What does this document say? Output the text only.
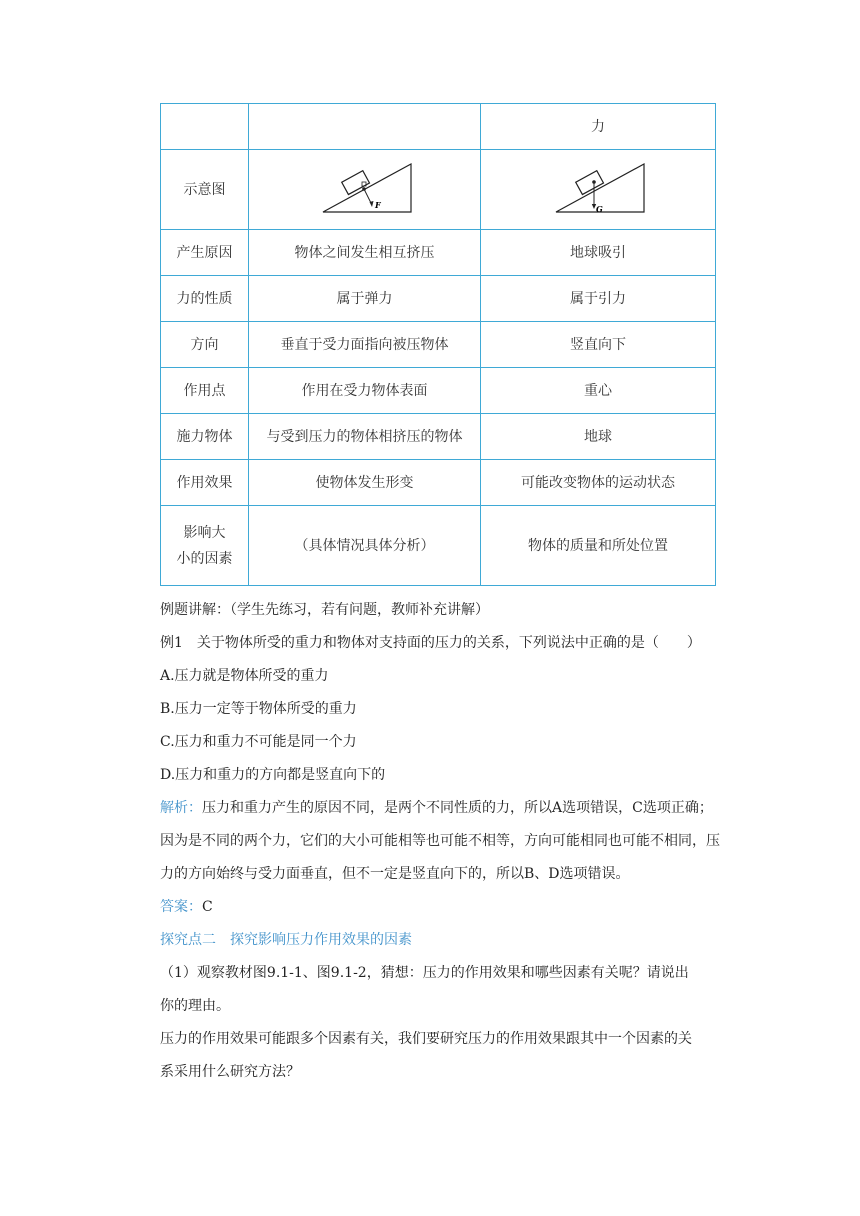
		力
示意图	F	G

产生原因	物体之间发生相互挤压	地球吸引
力的性质	属于弹力	属于引力
方向	垂直于受力面指向被压物体	竖直向下
作用点	作用在受力物体表面	重心
施力物体	与受到压力的物体相挤压的物体	地球
作用效果	使物体发生形变	可能改变物体的运动状态
影响大
小的因素	（具体情况具体分析）	物体的质量和所处位置

例题讲解：（学生先练习，若有问题，教师补充讲解）

例1　关于物体所受的重力和物体对支持面的压力的关系，下列说法中正确的是（　　）

A.压力就是物体所受的重力

B.压力一定等于物体所受的重力

C.压力和重力不可能是同一个力

D.压力和重力的方向都是竖直向下的

解析：压力和重力产生的原因不同，是两个不同性质的力，所以A选项错误，C选项正确；

因为是不同的两个力，它们的大小可能相等也可能不相等，方向可能相同也可能不相同，压

力的方向始终与受力面垂直，但不一定是竖直向下的，所以B、D选项错误。

答案：C

探究点二　探究影响压力作用效果的因素

（1）观察教材图9.1-1、图9.1-2，猜想：压力的作用效果和哪些因素有关呢？请说出

你的理由。

压力的作用效果可能跟多个因素有关，我们要研究压力的作用效果跟其中一个因素的关

系采用什么研究方法？
